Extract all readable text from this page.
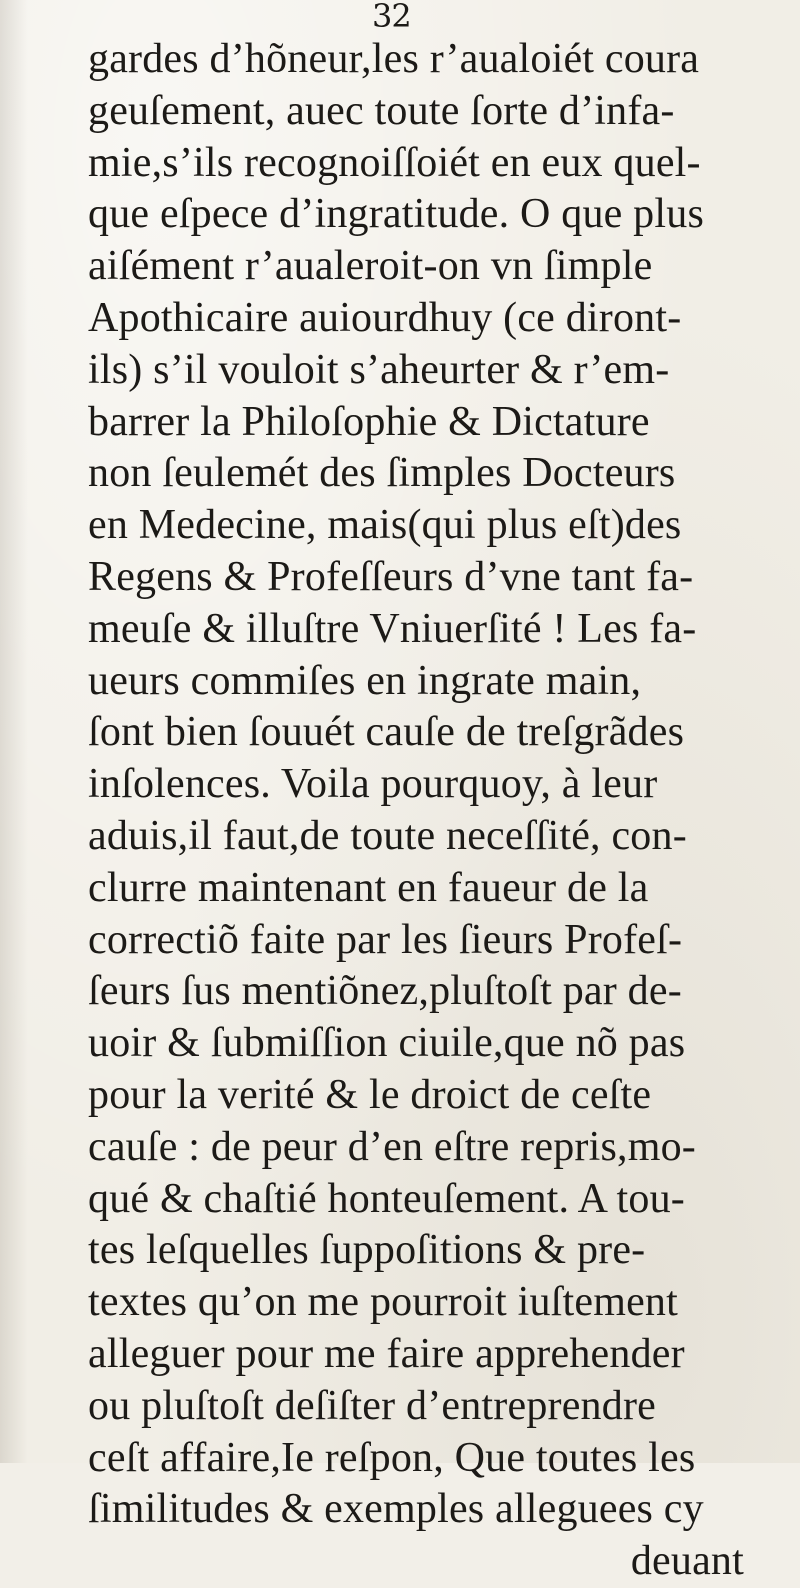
32
gardes d’hõneur,les r’aualoiét coura
geuſement, auec toute ſorte d’infa-
mie,s’ils recognoiſſoiét en eux quel-
que eſpece d’ingratitude. O que plus
aiſément r’aualeroit-on vn ſimple
Apothicaire auiourdhuy (ce diront-
ils) s’il vouloit s’aheurter & r’em-
barrer la Philoſophie & Dictature
non ſeulemét des ſimples Docteurs
en Medecine, mais(qui plus eſt)des
Regens & Profeſſeurs d’vne tant fa-
meuſe & illuſtre Vniuerſité ! Les fa-
ueurs commiſes en ingrate main,
ſont bien ſouuét cauſe de treſgrãdes
inſolences. Voila pourquoy, à leur
aduis,il faut,de toute neceſſité, con-
clurre maintenant en faueur de la
correctiõ faite par les ſieurs Profeſ-
ſeurs ſus mentiõnez,pluſtoſt par de-
uoir & ſubmiſſion ciuile,que nõ pas
pour la verité & le droict de ceſte
cauſe : de peur d’en eſtre repris,mo-
qué & chaſtié honteuſement. A tou-
tes leſquelles ſuppoſitions & pre-
textes qu’on me pourroit iuſtement
alleguer pour me faire apprehender
ou pluſtoſt deſiſter d’entreprendre
ceſt affaire,Ie reſpon, Que toutes les
ſimilitudes & exemples alleguees cy
deuant
